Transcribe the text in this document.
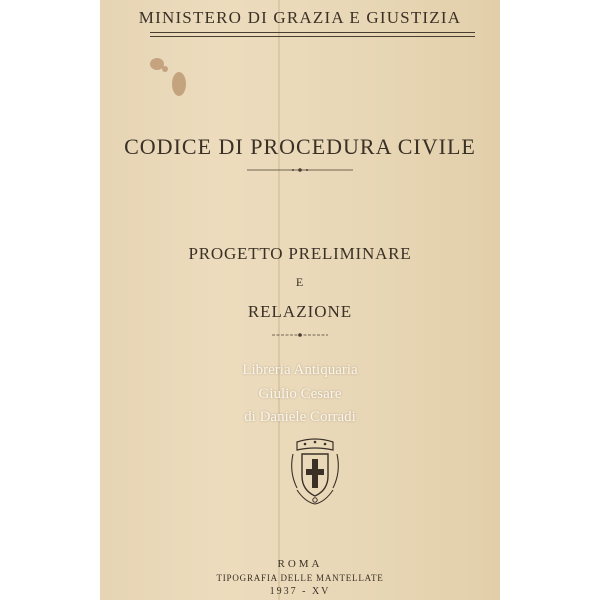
MINISTERO DI GRAZIA E GIUSTIZIA
CODICE DI PROCEDURA CIVILE
PROGETTO PRELIMINARE
E
RELAZIONE
Libreria Antiquaria
Giulio Cesare
di Daniele Corradi
ROMA
TIPOGRAFIA DELLE MANTELLATE
1937 - XV
